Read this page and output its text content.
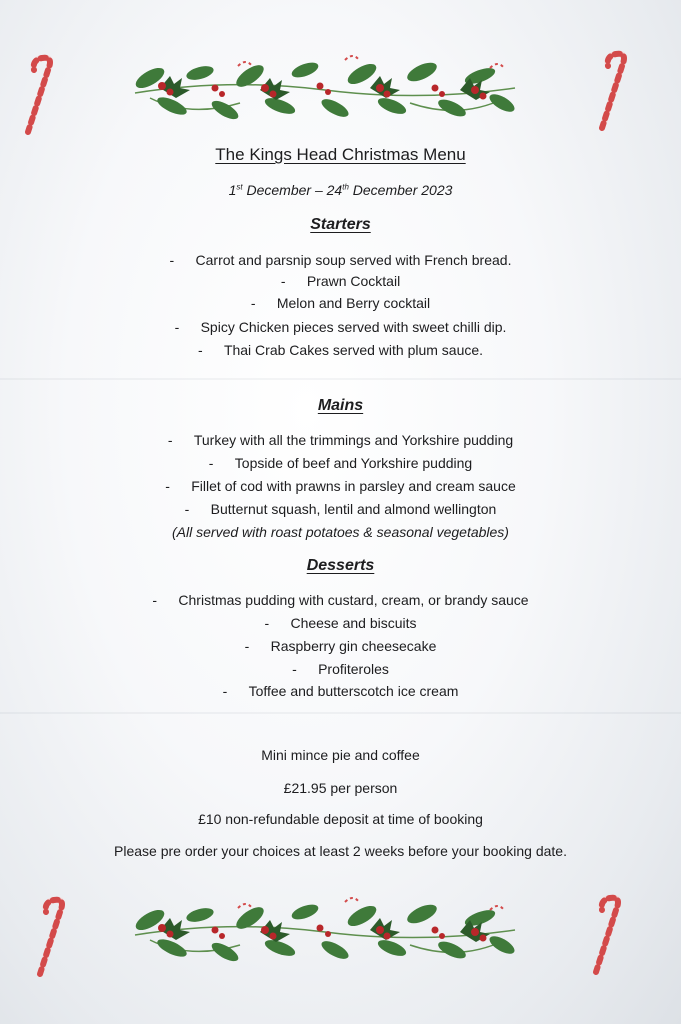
The Kings Head Christmas Menu
1st December – 24th December 2023
Starters
- Carrot and parsnip soup served with French bread.
- Prawn Cocktail
- Melon and Berry cocktail
- Spicy Chicken pieces served with sweet chilli dip.
- Thai Crab Cakes served with plum sauce.
Mains
- Turkey with all the trimmings and Yorkshire pudding
- Topside of beef and Yorkshire pudding
- Fillet of cod with prawns in parsley and cream sauce
- Butternut squash, lentil and almond wellington
(All served with roast potatoes & seasonal vegetables)
Desserts
- Christmas pudding with custard, cream, or brandy sauce
- Cheese and biscuits
- Raspberry gin cheesecake
- Profiteroles
- Toffee and butterscotch ice cream
Mini mince pie and coffee
£21.95 per person
£10 non-refundable deposit at time of booking
Please pre order your choices at least 2 weeks before your booking date.
